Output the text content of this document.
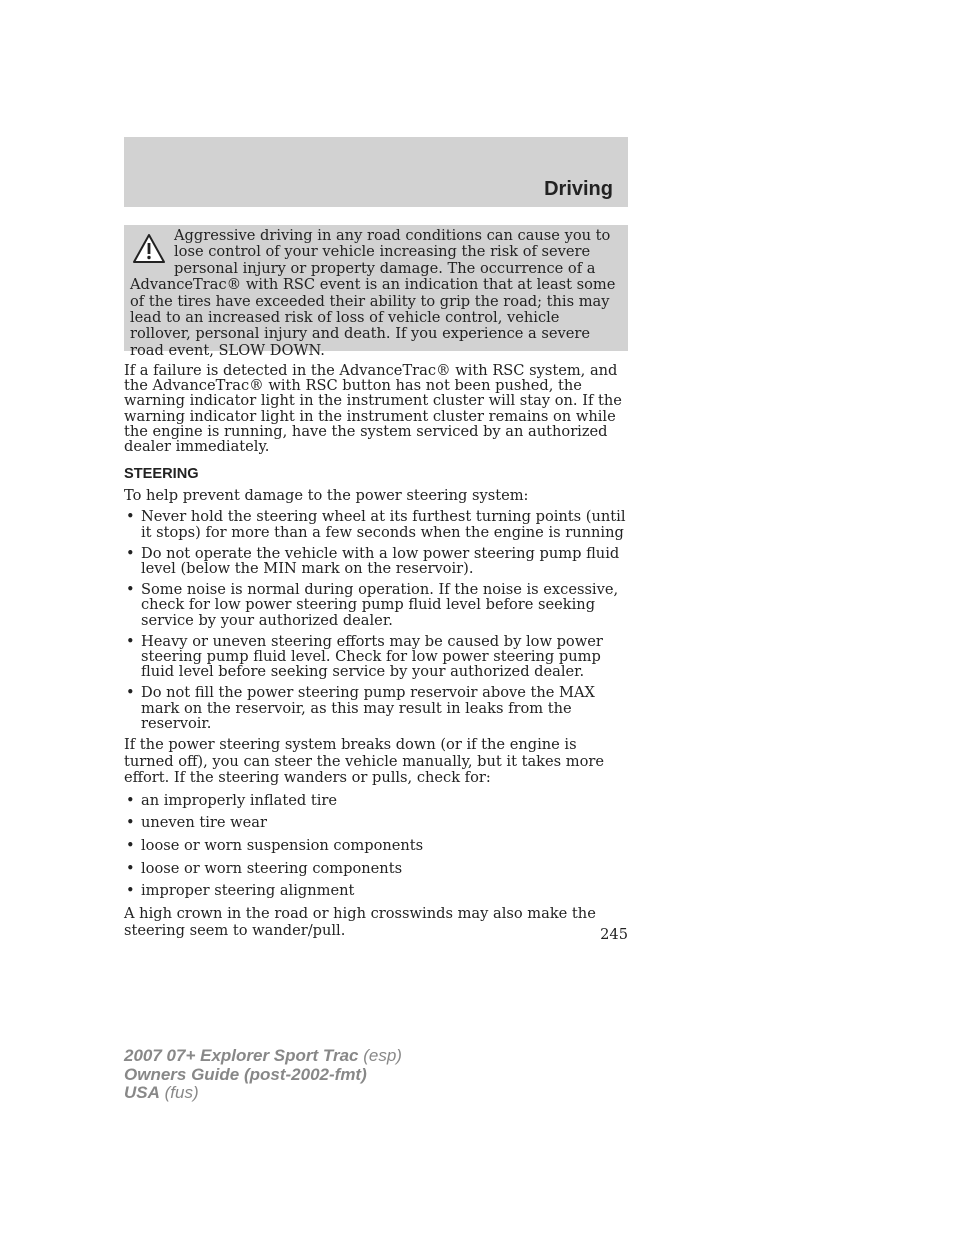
Driving

Aggressive driving in any road conditions can cause you to lose control of your vehicle increasing the risk of severe personal injury or property damage. The occurrence of a AdvanceTrac® with RSC event is an indication that at least some of the tires have exceeded their ability to grip the road; this may lead to an increased risk of loss of vehicle control, vehicle rollover, personal injury and death. If you experience a severe road event, SLOW DOWN.

If a failure is detected in the AdvanceTrac® with RSC system, and the AdvanceTrac® with RSC button has not been pushed, the warning indicator light in the instrument cluster will stay on. If the warning indicator light in the instrument cluster remains on while the engine is running, have the system serviced by an authorized dealer immediately.

STEERING

To help prevent damage to the power steering system:

• Never hold the steering wheel at its furthest turning points (until it stops) for more than a few seconds when the engine is running
• Do not operate the vehicle with a low power steering pump fluid level (below the MIN mark on the reservoir).
• Some noise is normal during operation. If the noise is excessive, check for low power steering pump fluid level before seeking service by your authorized dealer.
• Heavy or uneven steering efforts may be caused by low power steering pump fluid level. Check for low power steering pump fluid level before seeking service by your authorized dealer.
• Do not fill the power steering pump reservoir above the MAX mark on the reservoir, as this may result in leaks from the reservoir.

If the power steering system breaks down (or if the engine is turned off), you can steer the vehicle manually, but it takes more effort. If the steering wanders or pulls, check for:

• an improperly inflated tire
• uneven tire wear
• loose or worn suspension components
• loose or worn steering components
• improper steering alignment

A high crown in the road or high crosswinds may also make the steering seem to wander/pull.	245
2007 07+ Explorer Sport Trac (esp)
Owners Guide (post-2002-fmt)
USA (fus)
